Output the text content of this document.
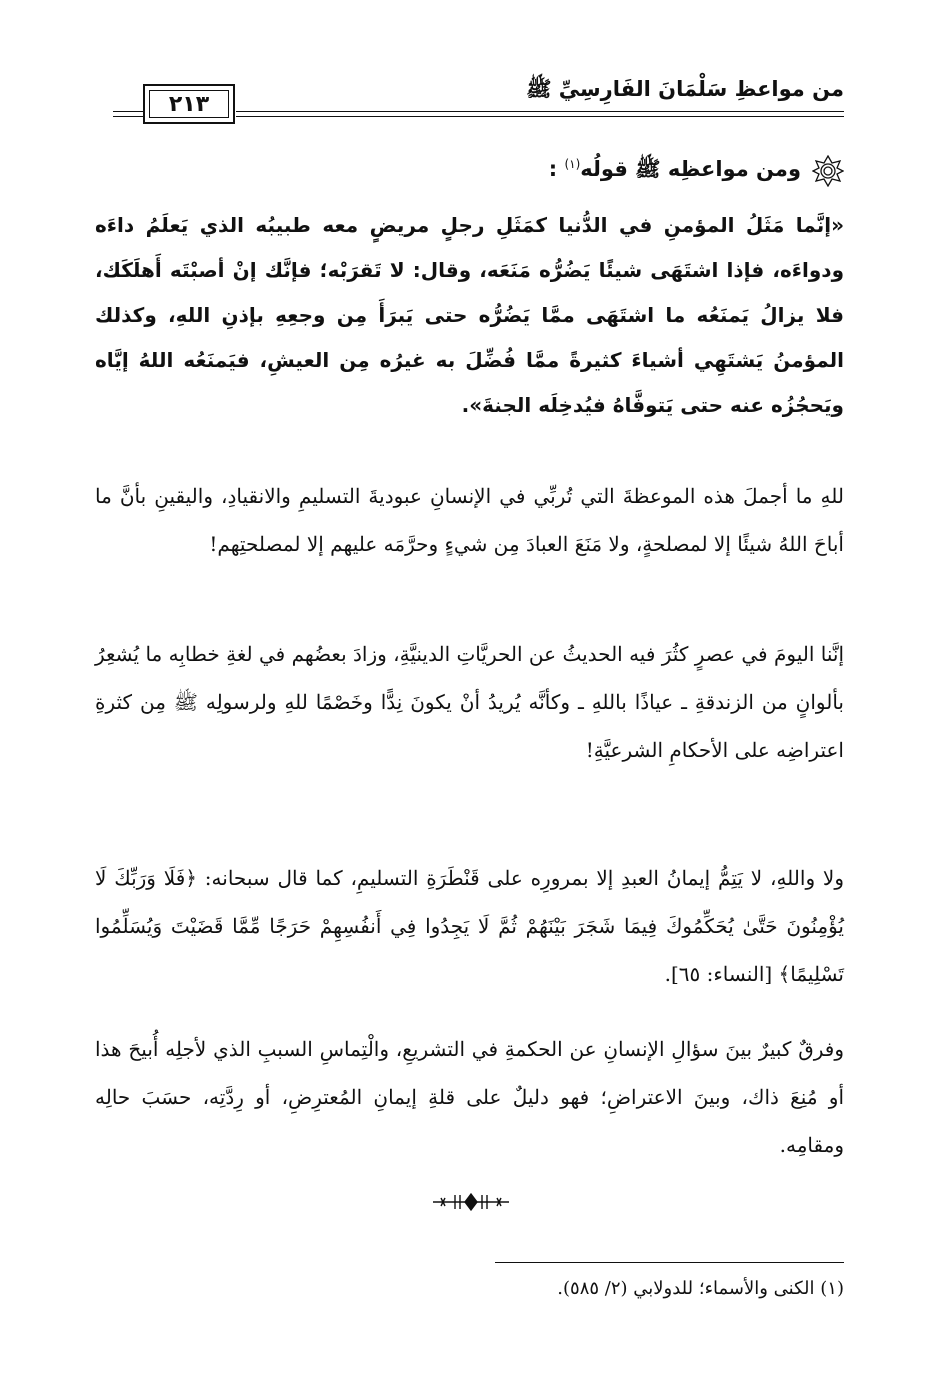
من مواعظِ سَلْمَانَ الفَارِسِيِّ ﷺ
٢١٣
ومن مواعظِه ﷺ قولُه$^{(١)}$ :
«إنَّما مَثَلُ المؤمنِ في الدُّنيا كمَثَلِ رجلٍ مريضٍ معه طبيبُه الذي يَعلَمُ داءَه ودواءَه، فإذا اشتَهَى شيئًا يَضُرُّه مَنَعَه، وقال: لا تَقرَبْه؛ فإنَّك إنْ أصبْتَه أَهلَكَك، فلا يزالُ يَمنَعُه ما اشتَهَى ممَّا يَضُرُّه حتى يَبرَأَ مِن وجعِهِ بإذنِ اللهِ، وكذلك المؤمنُ يَشتَهِي أشياءَ كثيرةً ممَّا فُضِّلَ به غيرُه مِن العيشِ، فيَمنَعُه اللهُ إيَّاه ويَحجُزُه عنه حتى يَتوفَّاهُ فيُدخِلَه الجنةَ».
للهِ ما أجملَ هذه الموعظةَ التي تُربِّي في الإنسانِ عبوديةَ التسليمِ والانقيادِ، واليقينِ بأنَّ ما أباحَ اللهُ شيئًا إلا لمصلحةٍ، ولا مَنَعَ العبادَ مِن شيءٍ وحرَّمَه عليهم إلا لمصلحتِهم!
إنَّنا اليومَ في عصرٍ كثُرَ فيه الحديثُ عن الحريَّاتِ الدينيَّةِ، وزادَ بعضُهم في لغةِ خطابِه ما يُشعِرُ بألوانٍ من الزندقةِ ـ عياذًا باللهِ ـ وكأنَّه يُريدُ أنْ يكونَ نِدًّا وخَصْمًا للهِ ولرسولِه ﷺ مِن كثرةِ اعتراضِه على الأحكامِ الشرعيَّةِ!
ولا واللهِ، لا يَتِمُّ إيمانُ العبدِ إلا بمرورِه على قَنْطَرَةِ التسليمِ، كما قال سبحانه: ﴿فَلَا وَرَبِّكَ لَا يُؤْمِنُونَ حَتَّىٰ يُحَكِّمُوكَ فِيمَا شَجَرَ بَيْنَهُمْ ثُمَّ لَا يَجِدُوا فِي أَنفُسِهِمْ حَرَجًا مِّمَّا قَضَيْتَ وَيُسَلِّمُوا تَسْلِيمًا﴾ [النساء: ٦٥].
وفرقٌ كبيرٌ بينَ سؤالِ الإنسانِ عن الحكمةِ في التشريعِ، والْتِماسِ السببِ الذي لأجلِه أُبيحَ هذا أو مُنِعَ ذاك، وبينَ الاعتراضِ؛ فهو دليلٌ على قلةِ إيمانِ المُعترِضِ، أو رِدَّتِه، حسَبَ حالِه ومقامِه.
(١) الكنى والأسماء؛ للدولابي (٢/ ٥٨٥).
